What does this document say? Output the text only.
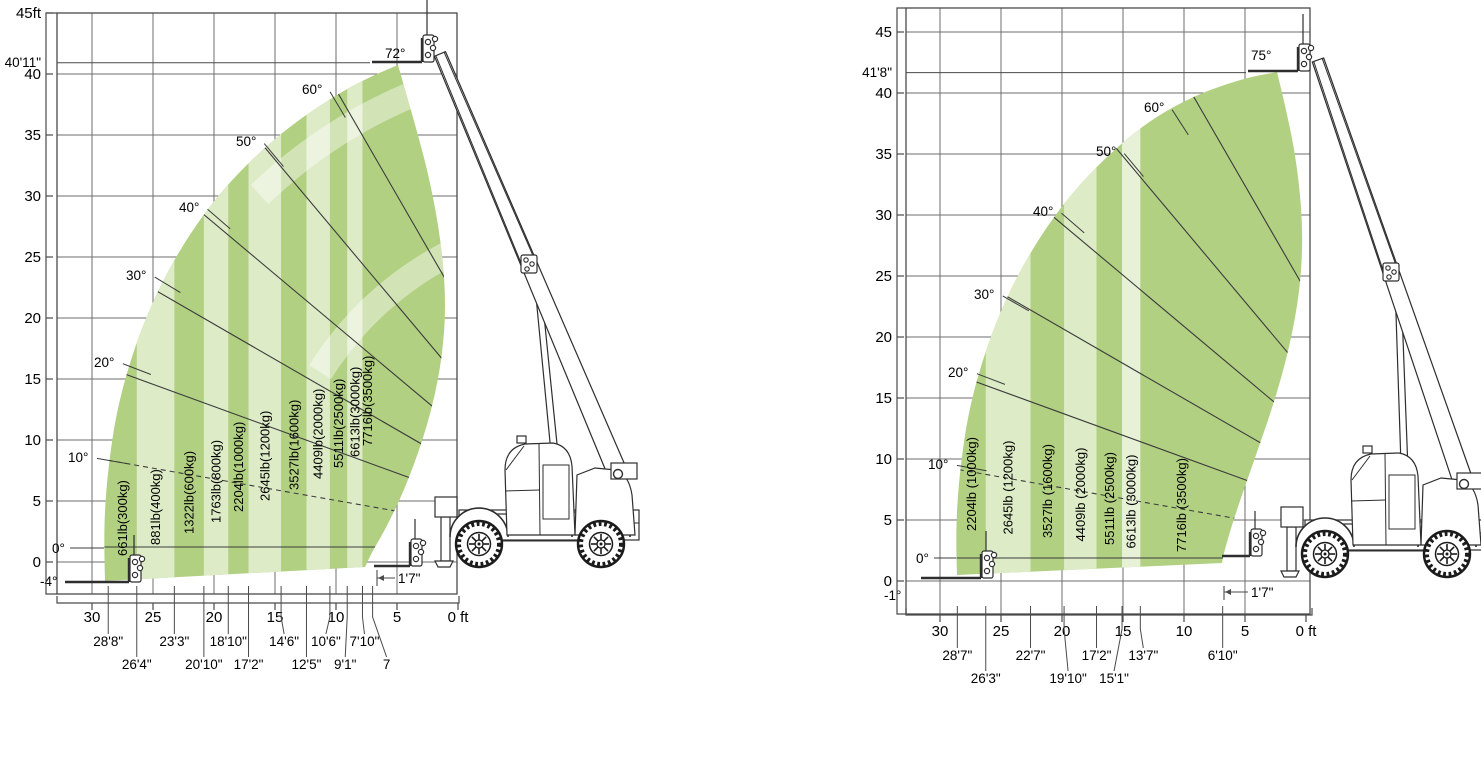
72°
60°
50°
40°
30°
20°
10°
0°
-4°
661lb(300kg) 881lb(400kg) 1322lb(600kg) 1763lb(800kg) 2204lb(1000kg) 2645lb(1200kg) 3527lb(1600kg) 4409lb(2000kg) 5511lb(2500kg) 6613lb(3000kg)
7716lb(3500kg)
45ft
40
35
30
25
20
15
10
5
0
40'11"
30	25	20	15	10	5	0 ft
28'8"
26'4"
23'3"
20'10"
18'10"
17'2"
14'6"
12'5"
10'6"
9'1"
7'10"
7
1'7"
75°
60°
50°
40°
30°
20°
10°
0°
-1°
2204lb (1000kg) 2645lb (1200kg) 3527lb (1600kg) 4409lb (2000kg) 5511lb (2500kg) 6613lb (3000kg)	7716lb (3500kg)
45
40
35
30
25
20
15
10
5
0
41'8"
30	25	20	15	10	5	0 ft
28'7"
26'3"
22'7"
19'10"
17'2"
15'1"
13'7"	6'10"
1'7"
